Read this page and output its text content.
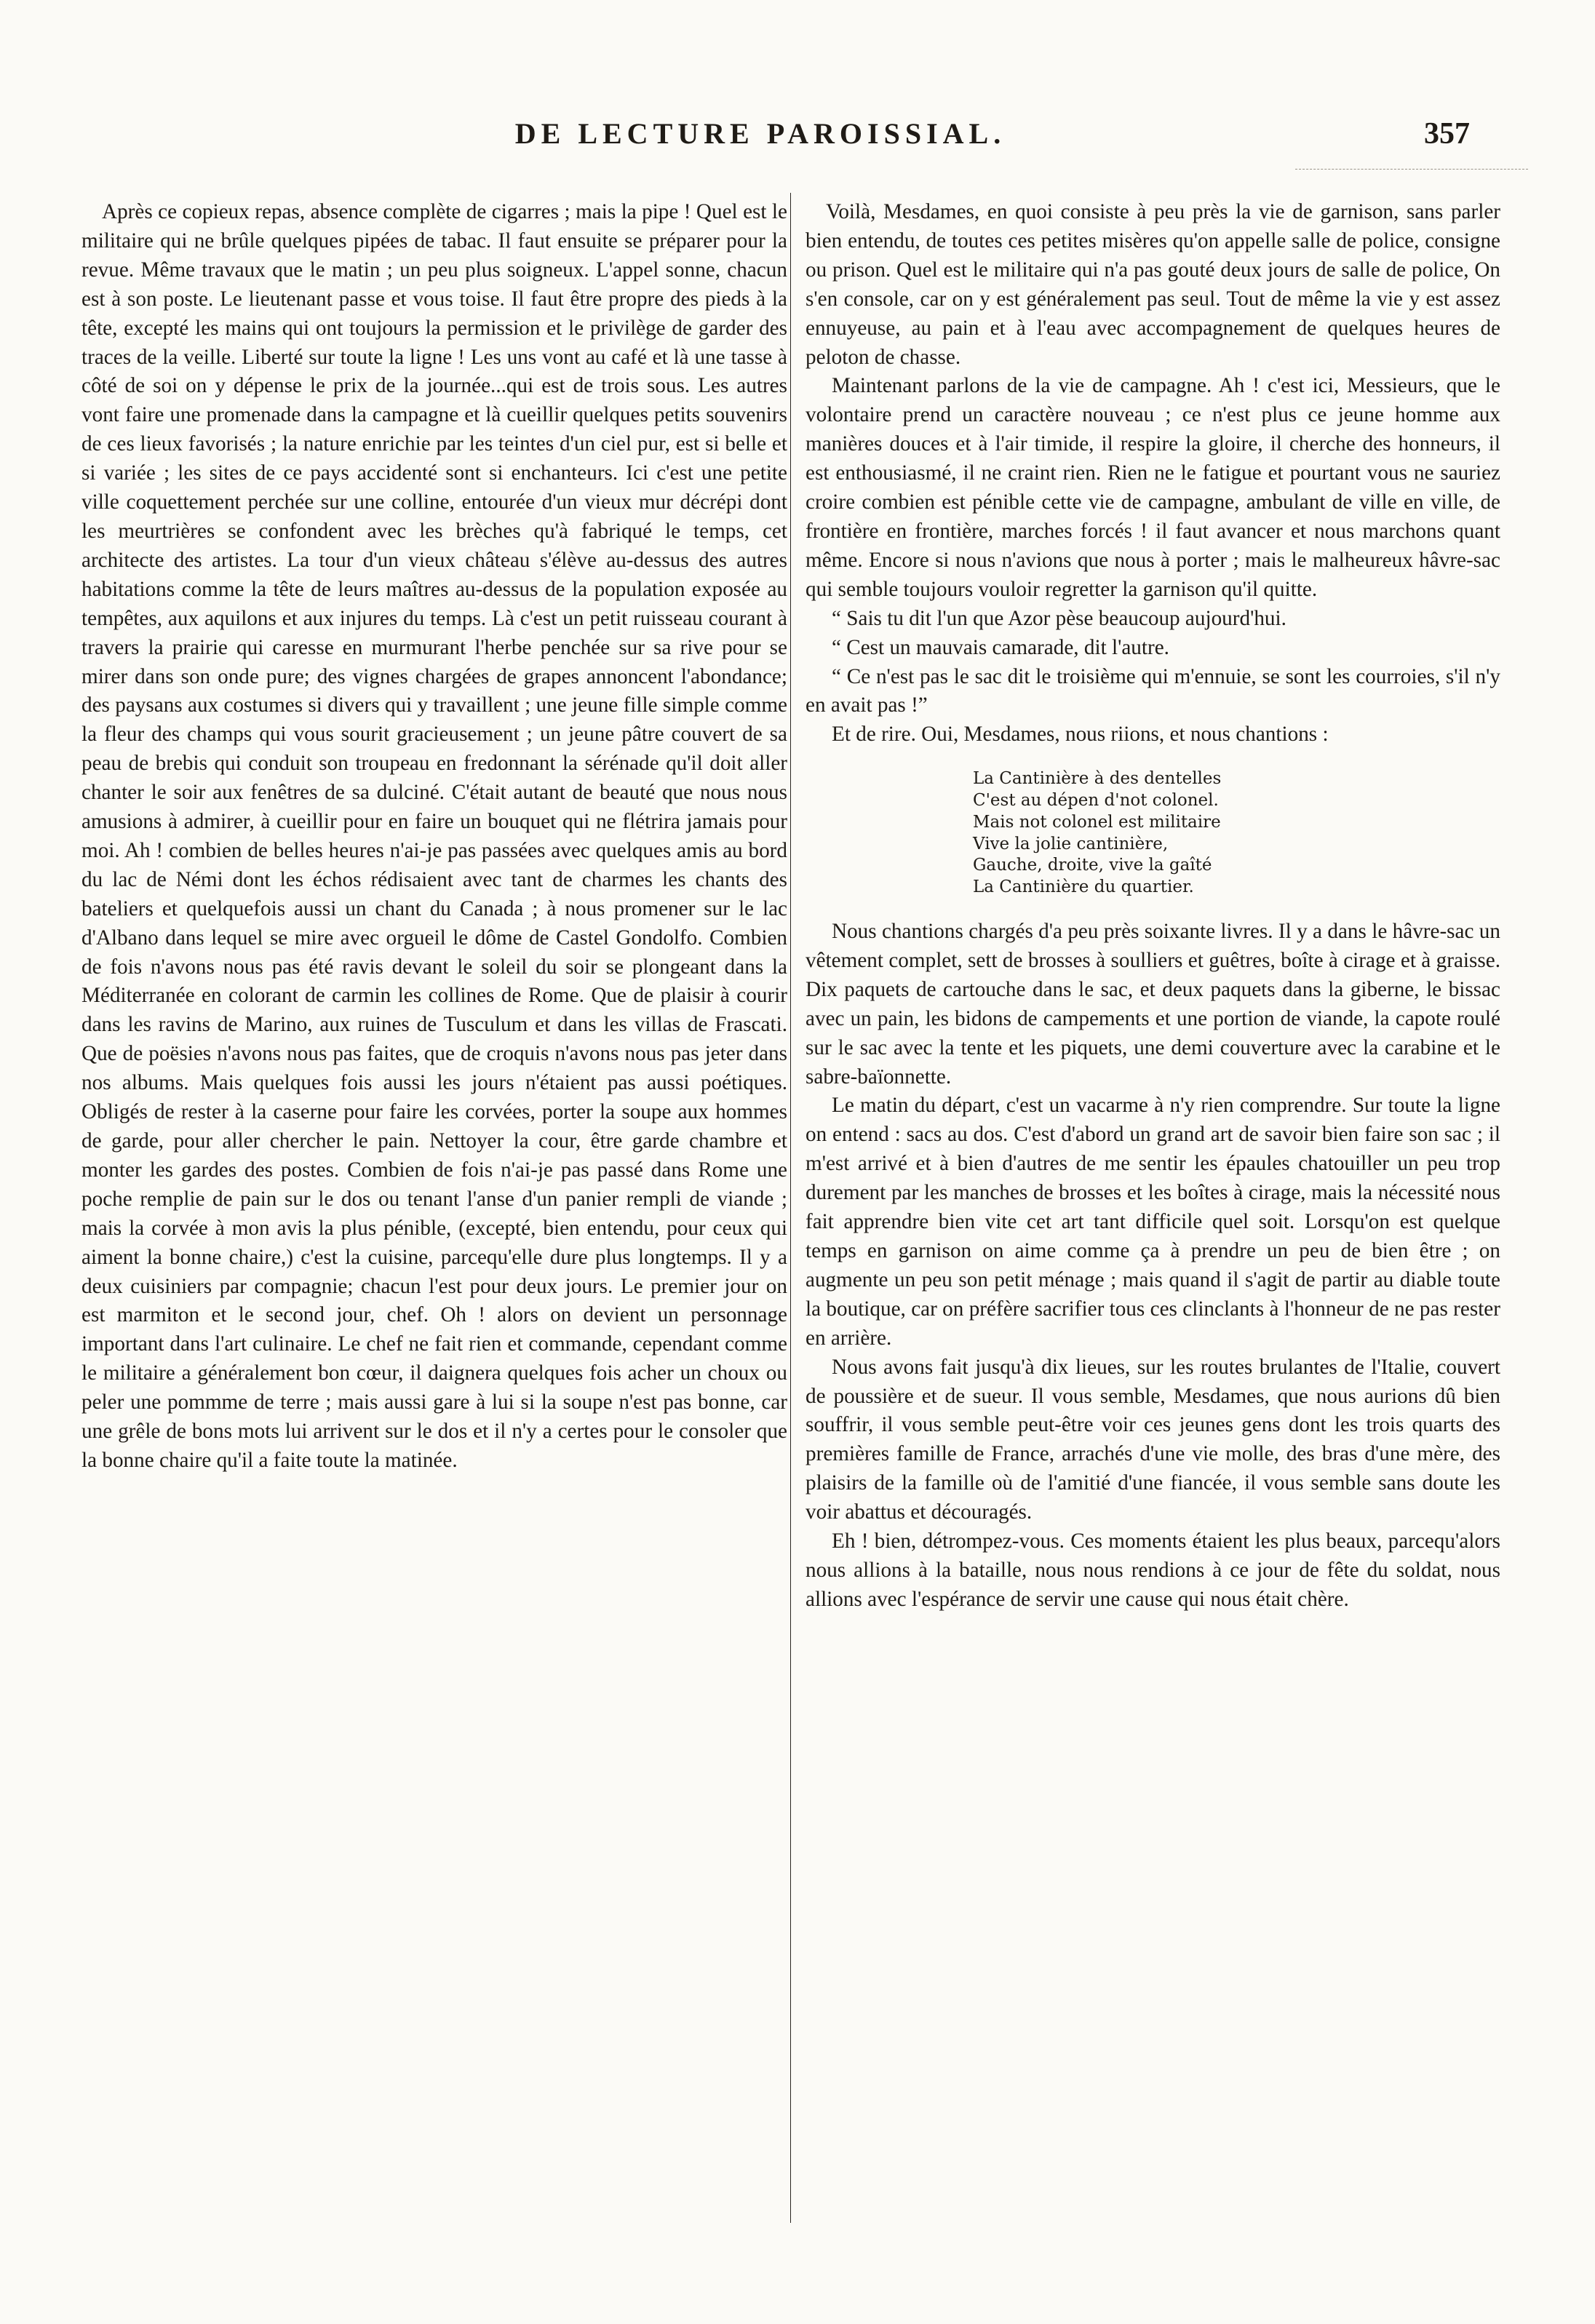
DE LECTURE PAROISSIAL.	357

Après ce copieux repas, absence complète de cigarres ; mais la pipe ! Quel est le militaire qui ne brûle quelques pipées de tabac. Il faut ensuite se préparer pour la revue. Même travaux que le matin ; un peu plus soigneux. L'appel sonne, chacun est à son poste. Le lieutenant passe et vous toise. Il faut être propre des pieds à la tête, excepté les mains qui ont toujours la permission et le privilège de garder des traces de la veille. Liberté sur toute la ligne ! Les uns vont au café et là une tasse à côté de soi on y dépense le prix de la journée...qui est de trois sous. Les autres vont faire une promenade dans la campagne et là cueillir quelques petits souvenirs de ces lieux favorisés ; la nature enrichie par les teintes d'un ciel pur, est si belle et si variée ; les sites de ce pays accidenté sont si enchanteurs. Ici c'est une petite ville coquettement perchée sur une colline, entourée d'un vieux mur décrépi dont les meurtrières se confondent avec les brèches qu'à fabriqué le temps, cet architecte des artistes. La tour d'un vieux château s'élève au-dessus des autres habitations comme la tête de leurs maîtres au-dessus de la population exposée au tempêtes, aux aquilons et aux injures du temps. Là c'est un petit ruisseau courant à travers la prairie qui caresse en murmurant l'herbe penchée sur sa rive pour se mirer dans son onde pure; des vignes chargées de grapes annoncent l'abondance; des paysans aux costumes si divers qui y travaillent ; une jeune fille simple comme la fleur des champs qui vous sourit gracieusement ; un jeune pâtre couvert de sa peau de brebis qui conduit son troupeau en fredonnant la sérénade qu'il doit aller chanter le soir aux fenêtres de sa dulciné. C'était autant de beauté que nous nous amusions à admirer, à cueillir pour en faire un bouquet qui ne flétrira jamais pour moi. Ah ! combien de belles heures n'ai-je pas passées avec quelques amis au bord du lac de Némi dont les échos rédisaient avec tant de charmes les chants des bateliers et quelquefois aussi un chant du Canada ; à nous promener sur le lac d'Albano dans lequel se mire avec orgueil le dôme de Castel Gondolfo. Combien de fois n'avons nous pas été ravis devant le soleil du soir se plongeant dans la Méditerranée en colorant de carmin les collines de Rome. Que de plaisir à courir dans les ravins de Marino, aux ruines de Tusculum et dans les villas de Frascati. Que de poësies n'avons nous pas faites, que de croquis n'avons nous pas jeter dans nos albums. Mais quelques fois aussi les jours n'étaient pas aussi poétiques. Obligés de rester à la caserne pour faire les corvées, porter la soupe aux hommes de garde, pour aller chercher le pain. Nettoyer la cour, être garde chambre et monter les gardes des postes. Combien de fois n'ai-je pas passé dans Rome une poche remplie de pain sur le dos ou tenant l'anse d'un panier rempli de viande ; mais la corvée à mon avis la plus pénible, (excepté, bien entendu, pour ceux qui aiment la bonne chaire,) c'est la cuisine, parcequ'elle dure plus longtemps. Il y a deux cuisiniers par compagnie; chacun l'est pour deux jours. Le premier jour on est marmiton et le second jour, chef. Oh ! alors on devient un personnage important dans l'art culinaire. Le chef ne fait rien et commande, cependant comme le militaire a généralement bon cœur, il daignera quelques fois acher un choux ou peler une pommme de terre ; mais aussi gare à lui si la soupe n'est pas bonne, car une grêle de bons mots lui arrivent sur le dos et il n'y a certes pour le consoler que la bonne chaire qu'il a faite toute la matinée.

Voilà, Mesdames, en quoi consiste à peu près la vie de garnison, sans parler bien entendu, de toutes ces petites misères qu'on appelle salle de police, consigne ou prison. Quel est le militaire qui n'a pas gouté deux jours de salle de police, On s'en console, car on y est généralement pas seul. Tout de même la vie y est assez ennuyeuse, au pain et à l'eau avec accompagnement de quelques heures de peloton de chasse.

Maintenant parlons de la vie de campagne. Ah ! c'est ici, Messieurs, que le volontaire prend un caractère nouveau ; ce n'est plus ce jeune homme aux manières douces et à l'air timide, il respire la gloire, il cherche des honneurs, il est enthousiasmé, il ne craint rien. Rien ne le fatigue et pourtant vous ne sauriez croire combien est pénible cette vie de campagne, ambulant de ville en ville, de frontière en frontière, marches forcés ! il faut avancer et nous marchons quant même. Encore si nous n'avions que nous à porter ; mais le malheureux hâvre-sac qui semble toujours vouloir regretter la garnison qu'il quitte.

“ Sais tu dit l'un que Azor pèse beaucoup aujourd'hui.

“ Cest un mauvais camarade, dit l'autre.

“ Ce n'est pas le sac dit le troisième qui m'ennuie, se sont les courroies, s'il n'y en avait pas !”

Et de rire. Oui, Mesdames, nous riions, et nous chantions :

La Cantinière à des dentelles
C'est au dépen d'not colonel.
Mais not colonel est militaire
Vive la jolie cantinière,
Gauche, droite, vive la gaîté
La Cantinière du quartier.

Nous chantions chargés d'a peu près soixante livres. Il y a dans le hâvre-sac un vêtement complet, sett de brosses à soulliers et guêtres, boîte à cirage et à graisse. Dix paquets de cartouche dans le sac, et deux paquets dans la giberne, le bissac avec un pain, les bidons de campements et une portion de viande, la capote roulé sur le sac avec la tente et les piquets, une demi couverture avec la carabine et le sabre-baïonnette.

Le matin du départ, c'est un vacarme à n'y rien comprendre. Sur toute la ligne on entend : sacs au dos. C'est d'abord un grand art de savoir bien faire son sac ; il m'est arrivé et à bien d'autres de me sentir les épaules chatouiller un peu trop durement par les manches de brosses et les boîtes à cirage, mais la nécessité nous fait apprendre bien vite cet art tant difficile quel soit. Lorsqu'on est quelque temps en garnison on aime comme ça à prendre un peu de bien être ; on augmente un peu son petit ménage ; mais quand il s'agit de partir au diable toute la boutique, car on préfère sacrifier tous ces clinclants à l'honneur de ne pas rester en arrière.

Nous avons fait jusqu'à dix lieues, sur les routes brulantes de l'Italie, couvert de poussière et de sueur. Il vous semble, Mesdames, que nous aurions dû bien souffrir, il vous semble peut-être voir ces jeunes gens dont les trois quarts des premières famille de France, arrachés d'une vie molle, des bras d'une mère, des plaisirs de la famille où de l'amitié d'une fiancée, il vous semble sans doute les voir abattus et découragés.

Eh ! bien, détrompez-vous. Ces moments étaient les plus beaux, parcequ'alors nous allions à la bataille, nous nous rendions à ce jour de fête du soldat, nous allions avec l'espérance de servir une cause qui nous était chère.
